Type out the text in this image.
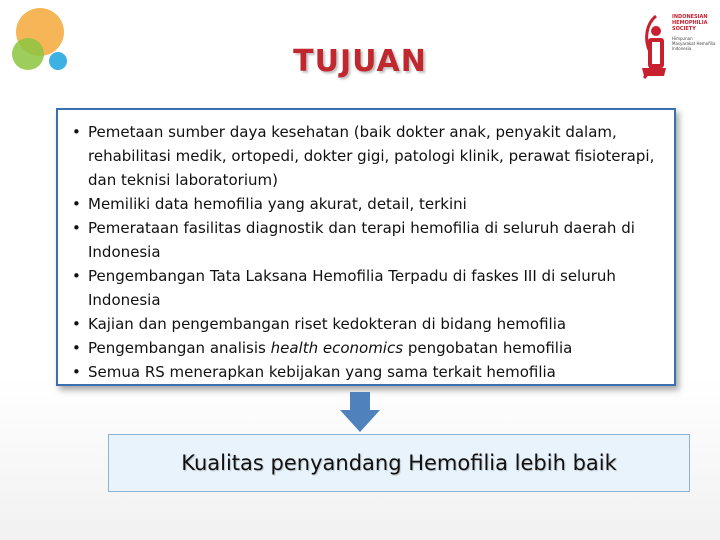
INDONESIAN
HEMOPHILIA
SOCIETY
Himpunan
Masyarakat Hemofilia
Indonesia
TUJUAN
• Pemetaan sumber daya kesehatan (baik dokter anak, penyakit dalam, rehabilitasi medik, ortopedi, dokter gigi, patologi klinik, perawat fisioterapi, dan teknisi laboratorium)
• Memiliki data hemofilia yang akurat, detail, terkini
• Pemerataan fasilitas diagnostik dan terapi hemofilia di seluruh daerah di Indonesia
• Pengembangan Tata Laksana Hemofilia Terpadu di faskes III di seluruh Indonesia
• Kajian dan pengembangan riset kedokteran di bidang hemofilia
• Pengembangan analisis health economics pengobatan hemofilia
• Semua RS menerapkan kebijakan yang sama terkait hemofilia
Kualitas penyandang Hemofilia lebih baik
